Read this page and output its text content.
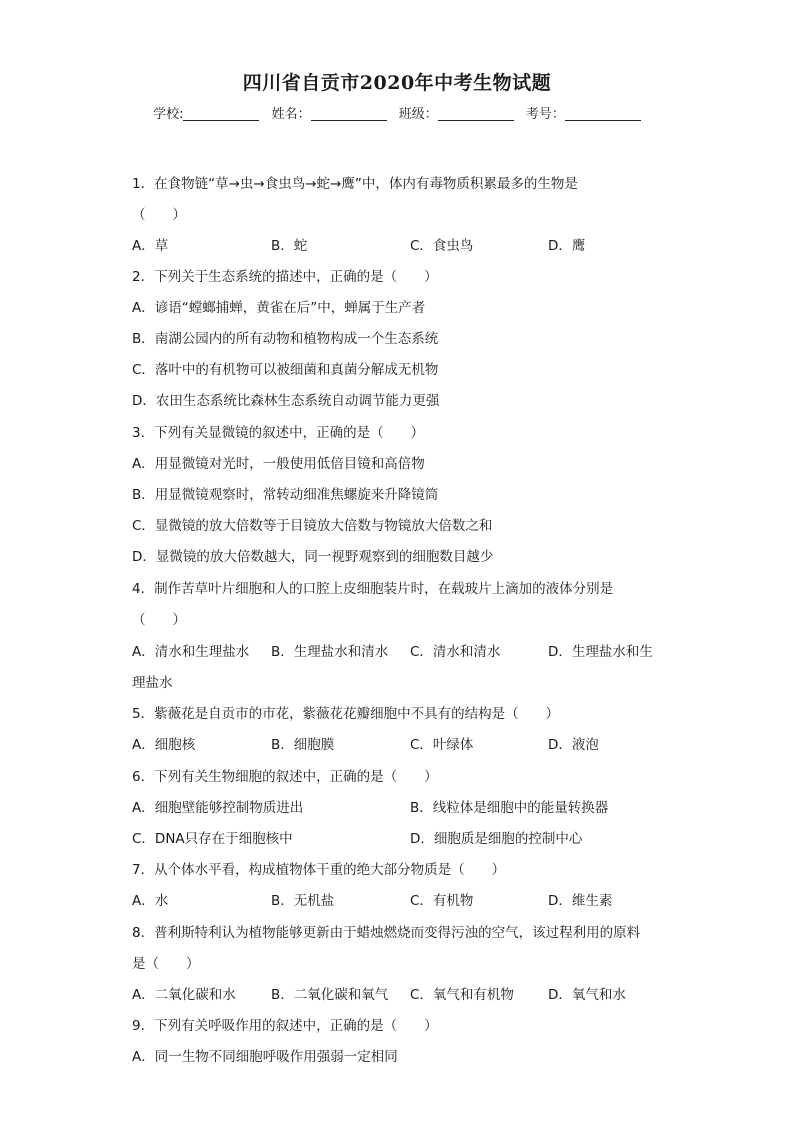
四川省自贡市2020年中考生物试题
学校:	姓名：	班级：	考号：
1．在食物链“草→虫→食虫鸟→蛇→鹰”中，体内有毒物质积累最多的生物是
（　　）
A．草	B．蛇	C．食虫鸟	D．鹰
2．下列关于生态系统的描述中，正确的是（　　）
A．谚语“螳螂捕蝉，黄雀在后”中，蝉属于生产者
B．南湖公园内的所有动物和植物构成一个生态系统
C．落叶中的有机物可以被细菌和真菌分解成无机物
D．农田生态系统比森林生态系统自动调节能力更强
3．下列有关显微镜的叙述中，正确的是（　　）
A．用显微镜对光时，一般使用低倍目镜和高倍物
B．用显微镜观察时，常转动细准焦螺旋来升降镜筒
C．显微镜的放大倍数等于目镜放大倍数与物镜放大倍数之和
D．显微镜的放大倍数越大，同一视野观察到的细胞数目越少
4．制作苦草叶片细胞和人的口腔上皮细胞装片时，在载玻片上滴加的液体分别是
（　　）
A．清水和生理盐水 B．生理盐水和清水 C．清水和清水	D．生理盐水和生
理盐水
5．紫薇花是自贡市的市花，紫薇花花瓣细胞中不具有的结构是（　　）
A．细胞核	B．细胞膜	C．叶绿体	D．液泡
6．下列有关生物细胞的叙述中，正确的是（　　）
A．细胞壁能够控制物质进出	B．线粒体是细胞中的能量转换器
C．DNA只存在于细胞核中	D．细胞质是细胞的控制中心
7．从个体水平看，构成植物体干重的绝大部分物质是（　　）
A．水	B．无机盐	C．有机物	D．维生素
8．普利斯特利认为植物能够更新由于蜡烛燃烧而变得污浊的空气，该过程利用的原料
是（　　）
A．二氧化碳和水	B．二氧化碳和氧气 C．氧气和有机物	D．氧气和水
9．下列有关呼吸作用的叙述中，正确的是（　　）
A．同一生物不同细胞呼吸作用强弱一定相同
